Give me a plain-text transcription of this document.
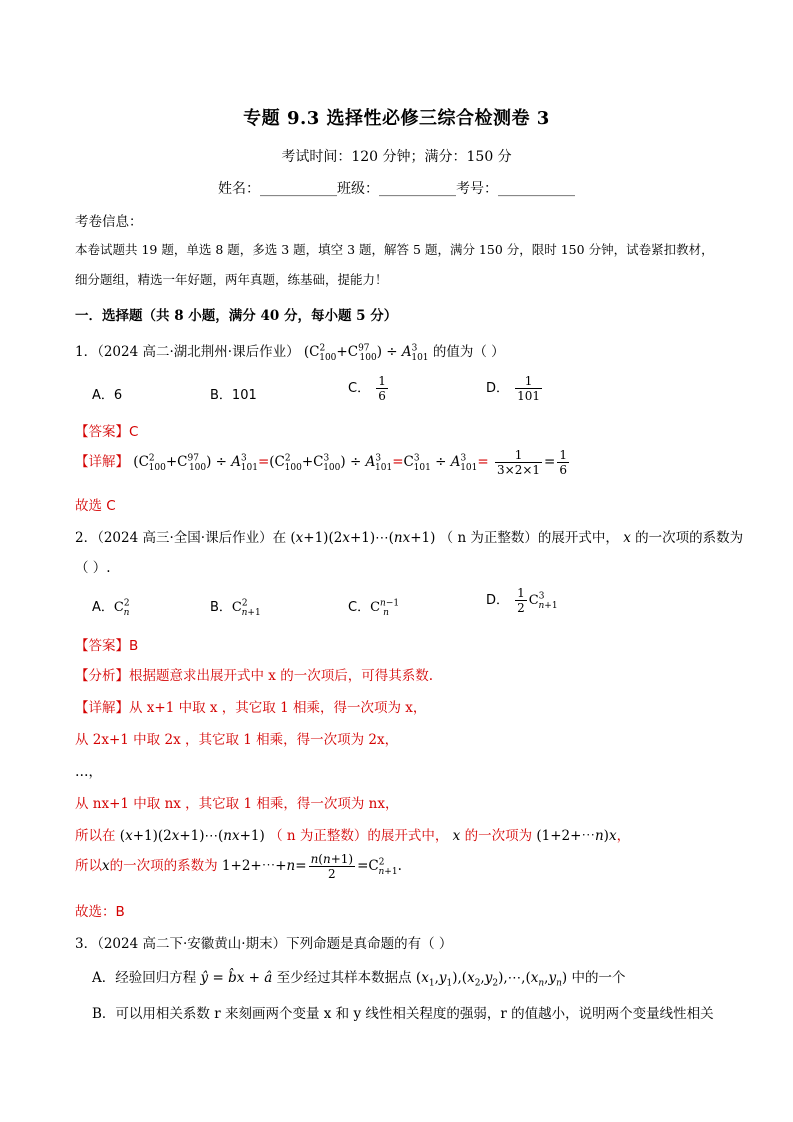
专题 9.3 选择性必修三综合检测卷 3
考试时间：120 分钟；满分：150 分
姓名：___________班级：___________考号：___________
考卷信息：
本卷试题共 19 题，单选 8 题，多选 3 题，填空 3 题，解答 5 题，满分 150 分，限时 150 分钟，试卷紧扣教材，
细分题组，精选一年好题，两年真题，练基础，提能力！
一．选择题（共 8 小题，满分 40 分，每小题 5 分）
1．（2024 高二·湖北荆州·课后作业） $(C^2_{100}+C^{97}_{100}) \div A^3_{101}$ 的值为（ ）
A．6	B．101	C． $\frac{1}{6}$	D． $\frac{1}{101}$
【答案】C
【详解】 $(C^2_{100}+C^{97}_{100}) \div A^3_{101}=(C^2_{100}+C^3_{100}) \div A^3_{101}=C^3_{101} \div A^3_{101}= \frac{1}{3\times 2\times 1} = \frac{1}{6}$
故选 C
2．（2024 高三·全国·课后作业）在 (x+1)(2x+1)⋯(nx+1) （ n 为正整数）的展开式中， x 的一次项的系数为
（ ）.
A．$C^2_n$	B．$C^2_{n+1}$	C．$C^{n-1}_n$
D． $\frac{1}{2} C^3_{n+1}$
【答案】B
【分析】根据题意求出展开式中 x 的一次项后，可得其系数.
【详解】从 x+1 中取 x ，其它取 1 相乘，得一次项为 x，
从 2x+1 中取 2x ，其它取 1 相乘，得一次项为 2x，
…，
从 nx+1 中取 nx ，其它取 1 相乘，得一次项为 nx，
所以在 (x+1)(2x+1)⋯(nx+1) （ n 为正整数）的展开式中， x 的一次项为 (1+2+⋯n)x，
所以x的一次项的系数为 1+2+⋯+n= $\frac{n(n+1)}{2} =C^2_{n+1}$.
故选：B
3．（2024 高二下·安徽黄山·期末）下列命题是真命题的有（ ）
A．经验回归方程 ŷ = b̂x + â 至少经过其样本数据点 $(x_1,y_1),(x_2,y_2),\cdots,(x_n,y_n)$ 中的一个
B．可以用相关系数 r 来刻画两个变量 x 和 y 线性相关程度的强弱，r 的值越小，说明两个变量线性相关
